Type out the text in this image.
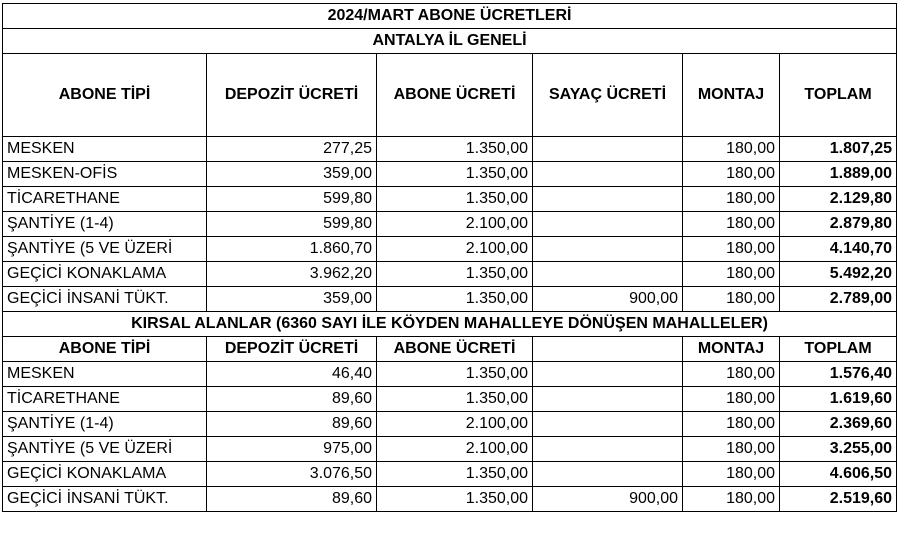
2024/MART ABONE ÜCRETLERİ					
ANTALYA İL GENELİ					
ABONE TİPİ	DEPOZİT ÜCRETİ	ABONE ÜCRETİ	SAYAÇ ÜCRETİ	MONTAJ	TOPLAM
MESKEN	277,25	1.350,00		180,00	1.807,25
MESKEN-OFİS	359,00	1.350,00		180,00	1.889,00
TİCARETHANE	599,80	1.350,00		180,00	2.129,80
ŞANTİYE (1-4)	599,80	2.100,00		180,00	2.879,80
ŞANTİYE (5 VE ÜZERİ	1.860,70	2.100,00		180,00	4.140,70
GEÇİCİ KONAKLAMA	3.962,20	1.350,00		180,00	5.492,20
GEÇİCİ İNSANİ TÜKT.	359,00	1.350,00	900,00	180,00	2.789,00
KIRSAL ALANLAR (6360 SAYI İLE KÖYDEN MAHALLEYE DÖNÜŞEN MAHALLELER)					
ABONE TİPİ	DEPOZİT ÜCRETİ	ABONE ÜCRETİ		MONTAJ	TOPLAM
MESKEN	46,40	1.350,00		180,00	1.576,40
TİCARETHANE	89,60	1.350,00		180,00	1.619,60
ŞANTİYE (1-4)	89,60	2.100,00		180,00	2.369,60
ŞANTİYE (5 VE ÜZERİ	975,00	2.100,00		180,00	3.255,00
GEÇİCİ KONAKLAMA	3.076,50	1.350,00		180,00	4.606,50
GEÇİCİ İNSANİ TÜKT.	89,60	1.350,00	900,00	180,00	2.519,60
